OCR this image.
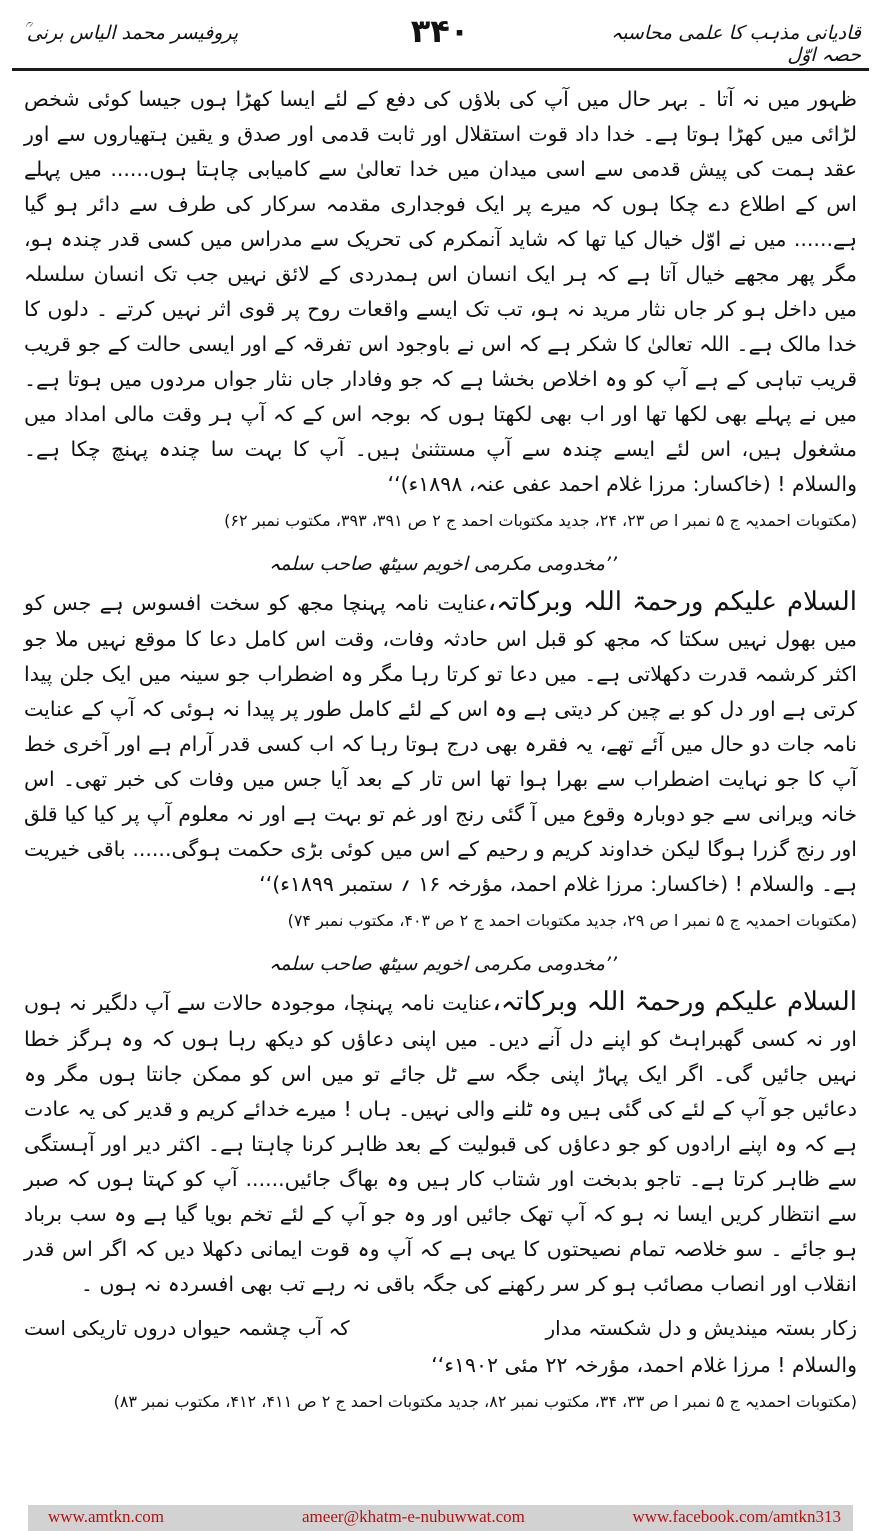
پروفیسر محمد الیاس برنی ؒ	۳۴۰	قادیانی مذہب کا علمی محاسبہ حصہ اوّل

ظہور میں نہ آتا ۔ بہر حال میں آپ کی بلاؤں کی دفع کے لئے ایسا کھڑا ہوں جیسا کوئی شخص لڑائی میں کھڑا ہوتا ہے۔ خدا داد قوت استقلال اور ثابت قدمی اور صدق و یقین ہتھیاروں سے اور عقد ہمت کی پیش قدمی سے اسی میدان میں خدا تعالیٰ سے کامیابی چاہتا ہوں...... میں پہلے اس کے اطلاع دے چکا ہوں کہ میرے پر ایک فوجداری مقدمہ سرکار کی طرف سے دائر ہو گیا ہے...... میں نے اوّل خیال کیا تھا کہ شاید آنمکرم کی تحریک سے مدراس میں کسی قدر چندہ ہو، مگر پھر مجھے خیال آتا ہے کہ ہر ایک انسان اس ہمدردی کے لائق نہیں جب تک انسان سلسلہ میں داخل ہو کر جاں نثار مرید نہ ہو، تب تک ایسے واقعات روح پر قوی اثر نہیں کرتے ۔ دلوں کا خدا مالک ہے۔ اللہ تعالیٰ کا شکر ہے کہ اس نے باوجود اس تفرقہ کے اور ایسی حالت کے جو قریب قریب تباہی کے ہے آپ کو وہ اخلاص بخشا ہے کہ جو وفادار جاں نثار جواں مردوں میں ہوتا ہے۔ میں نے پہلے بھی لکھا تھا اور اب بھی لکھتا ہوں کہ بوجہ اس کے کہ آپ ہر وقت مالی امداد میں مشغول ہیں، اس لئے ایسے چندہ سے آپ مستثنیٰ ہیں۔ آپ کا بہت سا چندہ پہنچ چکا ہے۔ والسلام ! (خاکسار: مرزا غلام احمد عفی عنہ، ۱۸۹۸ء)‘‘

(مکتوبات احمدیہ ج ۵ نمبر ا ص ۲۳، ۲۴، جدید مکتوبات احمد ج ۲ ص ۳۹۱، ۳۹۳، مکتوب نمبر ۶۲)
’’مخدومی مکرمی اخویم سیٹھ صاحب سلمہ

السلام علیکم ورحمۃ اللہ وبرکاتہ،عنایت نامہ پہنچا مجھ کو سخت افسوس ہے جس کو میں بھول نہیں سکتا کہ مجھ کو قبل اس حادثہ وفات، وقت اس کامل دعا کا موقع نہیں ملا جو اکثر کرشمہ قدرت دکھلاتی ہے۔ میں دعا تو کرتا رہا مگر وہ اضطراب جو سینہ میں ایک جلن پیدا کرتی ہے اور دل کو بے چین کر دیتی ہے وہ اس کے لئے کامل طور پر پیدا نہ ہوئی کہ آپ کے عنایت نامہ جات دو حال میں آئے تھے، یہ فقرہ بھی درج ہوتا رہا کہ اب کسی قدر آرام ہے اور آخری خط آپ کا جو نہایت اضطراب سے بھرا ہوا تھا اس تار کے بعد آیا جس میں وفات کی خبر تھی۔ اس خانہ ویرانی سے جو دوبارہ وقوع میں آ گئی رنج اور غم تو بہت ہے اور نہ معلوم آپ پر کیا کیا قلق اور رنج گزرا ہوگا لیکن خداوند کریم و رحیم کے اس میں کوئی بڑی حکمت ہوگی...... باقی خیریت ہے۔ والسلام ! (خاکسار: مرزا غلام احمد، مؤرخہ ۱۶ ؍ ستمبر ۱۸۹۹ء)‘‘

(مکتوبات احمدیہ ج ۵ نمبر ا ص ۲۹، جدید مکتوبات احمد ج ۲ ص ۴۰۳، مکتوب نمبر ۷۴)
’’مخدومی مکرمی اخویم سیٹھ صاحب سلمہ

السلام علیکم ورحمۃ اللہ وبرکاتہ،عنایت نامہ پہنچا، موجودہ حالات سے آپ دلگیر نہ ہوں اور نہ کسی گھبراہٹ کو اپنے دل آنے دیں۔ میں اپنی دعاؤں کو دیکھ رہا ہوں کہ وہ ہرگز خطا نہیں جائیں گی۔ اگر ایک پہاڑ اپنی جگہ سے ٹل جائے تو میں اس کو ممکن جانتا ہوں مگر وہ دعائیں جو آپ کے لئے کی گئی ہیں وہ ٹلنے والی نہیں۔ ہاں ! میرے خدائے کریم و قدیر کی یہ عادت ہے کہ وہ اپنے ارادوں کو جو دعاؤں کی قبولیت کے بعد ظاہر کرنا چاہتا ہے۔ اکثر دیر اور آہستگی سے ظاہر کرتا ہے۔ تاجو بدبخت اور شتاب کار ہیں وہ بھاگ جائیں...... آپ کو کہتا ہوں کہ صبر سے انتظار کریں ایسا نہ ہو کہ آپ تھک جائیں اور وہ جو آپ کے لئے تخم بویا گیا ہے وہ سب برباد ہو جائے ۔ سو خلاصہ تمام نصیحتوں کا یہی ہے کہ آپ وہ قوت ایمانی دکھلا دیں کہ اگر اس قدر انقلاب اور انصاب مصائب ہو کر سر رکھنے کی جگہ باقی نہ رہے تب بھی افسردہ نہ ہوں ۔

زکار بستہ میندیش و دل شکستہ مدار
کہ آب چشمہ حیواں دروں تاریکی است

والسلام ! مرزا غلام احمد، مؤرخہ ۲۲ مئی ۱۹۰۲ء‘‘

(مکتوبات احمدیہ ج ۵ نمبر ا ص ۳۳، ۳۴، مکتوب نمبر ۸۲، جدید مکتوبات احمد ج ۲ ص ۴۱۱، ۴۱۲، مکتوب نمبر ۸۳)
www.amtkn.com	ameer@khatm-e-nubuwwat.com	www.facebook.com/amtkn313
